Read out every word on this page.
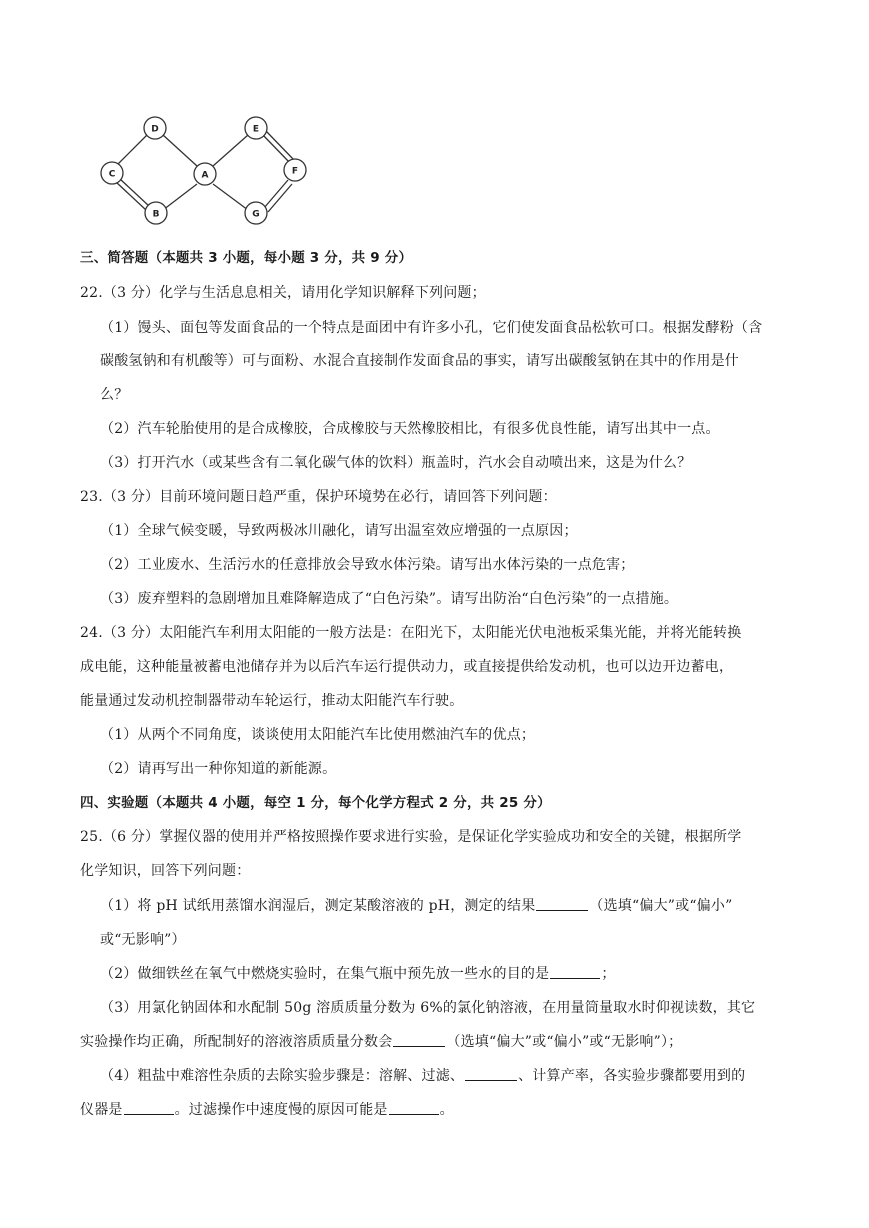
D	E
C	A	F
B	G
三、简答题（本题共 3 小题，每小题 3 分，共 9 分）
22.（3 分）化学与生活息息相关，请用化学知识解释下列问题；
（1）馒头、面包等发面食品的一个特点是面团中有许多小孔，它们使发面食品松软可口。根据发酵粉（含
碳酸氢钠和有机酸等）可与面粉、水混合直接制作发面食品的事实，请写出碳酸氢钠在其中的作用是什
么？
（2）汽车轮胎使用的是合成橡胶，合成橡胶与天然橡胶相比，有很多优良性能，请写出其中一点。
（3）打开汽水（或某些含有二氧化碳气体的饮料）瓶盖时，汽水会自动喷出来，这是为什么？
23.（3 分）目前环境问题日趋严重，保护环境势在必行，请回答下列问题：
（1）全球气候变暖，导致两极冰川融化，请写出温室效应增强的一点原因；
（2）工业废水、生活污水的任意排放会导致水体污染。请写出水体污染的一点危害；
（3）废弃塑料的急剧增加且难降解造成了“白色污染”。请写出防治“白色污染”的一点措施。
24.（3 分）太阳能汽车利用太阳能的一般方法是：在阳光下，太阳能光伏电池板采集光能，并将光能转换
成电能，这种能量被蓄电池储存并为以后汽车运行提供动力，或直接提供给发动机，也可以边开边蓄电，
能量通过发动机控制器带动车轮运行，推动太阳能汽车行驶。
（1）从两个不同角度，谈谈使用太阳能汽车比使用燃油汽车的优点；
（2）请再写出一种你知道的新能源。
四、实验题（本题共 4 小题，每空 1 分，每个化学方程式 2 分，共 25 分）
25.（6 分）掌握仪器的使用并严格按照操作要求进行实验，是保证化学实验成功和安全的关键，根据所学
化学知识，回答下列问题：
（1）将 pH 试纸用蒸馏水润湿后，测定某酸溶液的 pH，测定的结果	（选填“偏大”或“偏小”
或“无影响”）
（2）做细铁丝在氧气中燃烧实验时，在集气瓶中预先放一些水的目的是	；
（3）用氯化钠固体和水配制 50g 溶质质量分数为 6%的氯化钠溶液，在用量筒量取水时仰视读数，其它
实验操作均正确，所配制好的溶液溶质质量分数会	（选填“偏大”或“偏小”或“无影响”）；
（4）粗盐中难溶性杂质的去除实验步骤是：溶解、过滤、	、计算产率，各实验步骤都要用到的
仪器是	。过滤操作中速度慢的原因可能是	。
